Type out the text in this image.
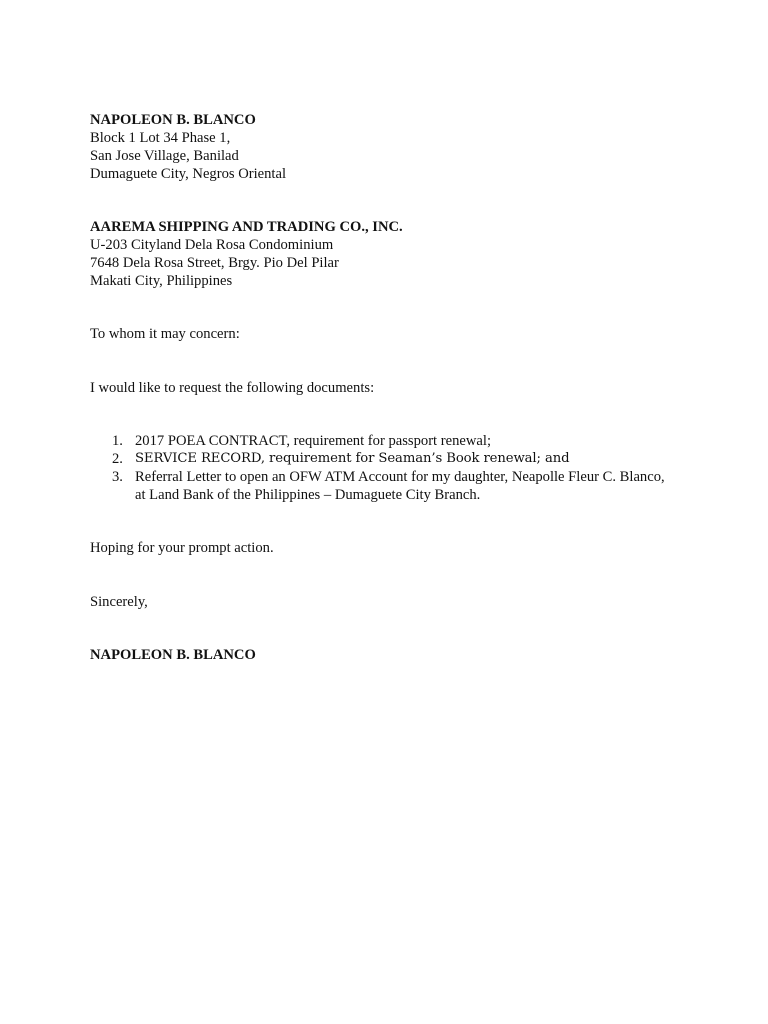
NAPOLEON B. BLANCO
Block 1 Lot 34 Phase 1,
San Jose Village, Banilad
Dumaguete City, Negros Oriental
AAREMA SHIPPING AND TRADING CO., INC.
U-203 Cityland Dela Rosa Condominium
7648 Dela Rosa Street, Brgy. Pio Del Pilar
Makati City, Philippines
To whom it may concern:
I would like to request the following documents:
1. 2017 POEA CONTRACT, requirement for passport renewal;
2. SERVICE RECORD, requirement for Seaman’s Book renewal; and
3. Referral Letter to open an OFW ATM Account for my daughter, Neapolle Fleur C. Blanco,
at Land Bank of the Philippines – Dumaguete City Branch.
Hoping for your prompt action.
Sincerely,
NAPOLEON B. BLANCO
